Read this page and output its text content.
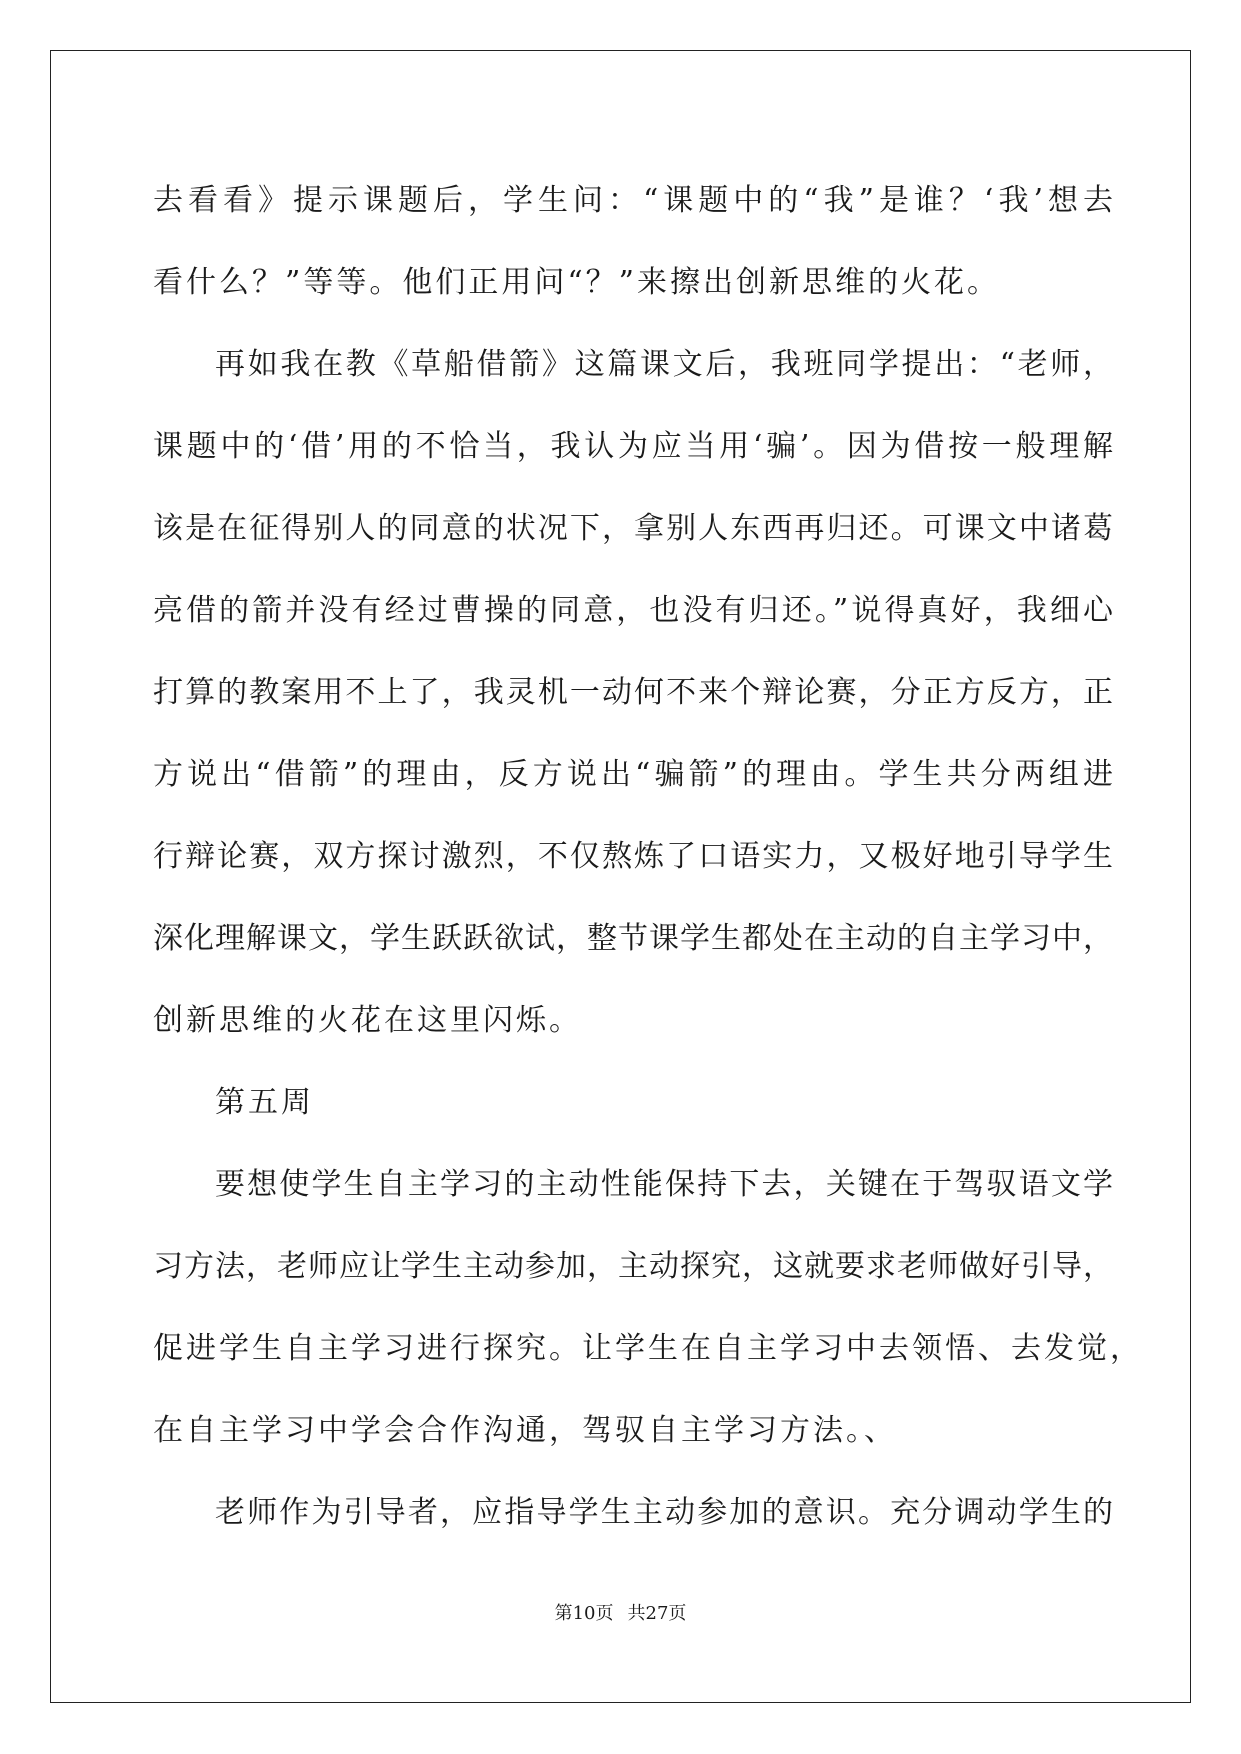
去看看》提示课题后，学生问：“课题中的“我”是谁？‘我’想去
看什么？”等等。他们正用问“？”来擦出创新思维的火花。
再如我在教《草船借箭》这篇课文后，我班同学提出：“老师，
课题中的‘借’用的不恰当，我认为应当用‘骗’。因为借按一般理解
该是在征得别人的同意的状况下，拿别人东西再归还。可课文中诸葛
亮借的箭并没有经过曹操的同意，也没有归还。”说得真好，我细心
打算的教案用不上了，我灵机一动何不来个辩论赛，分正方反方，正
方说出“借箭”的理由，反方说出“骗箭”的理由。学生共分两组进
行辩论赛，双方探讨激烈，不仅熬炼了口语实力，又极好地引导学生
深化理解课文，学生跃跃欲试，整节课学生都处在主动的自主学习中，
创新思维的火花在这里闪烁。
第五周
要想使学生自主学习的主动性能保持下去，关键在于驾驭语文学
习方法，老师应让学生主动参加，主动探究，这就要求老师做好引导，
促进学生自主学习进行探究。让学生在自主学习中去领悟、去发觉，
在自主学习中学会合作沟通，驾驭自主学习方法。、
老师作为引导者，应指导学生主动参加的意识。充分调动学生的
第10页 共27页
